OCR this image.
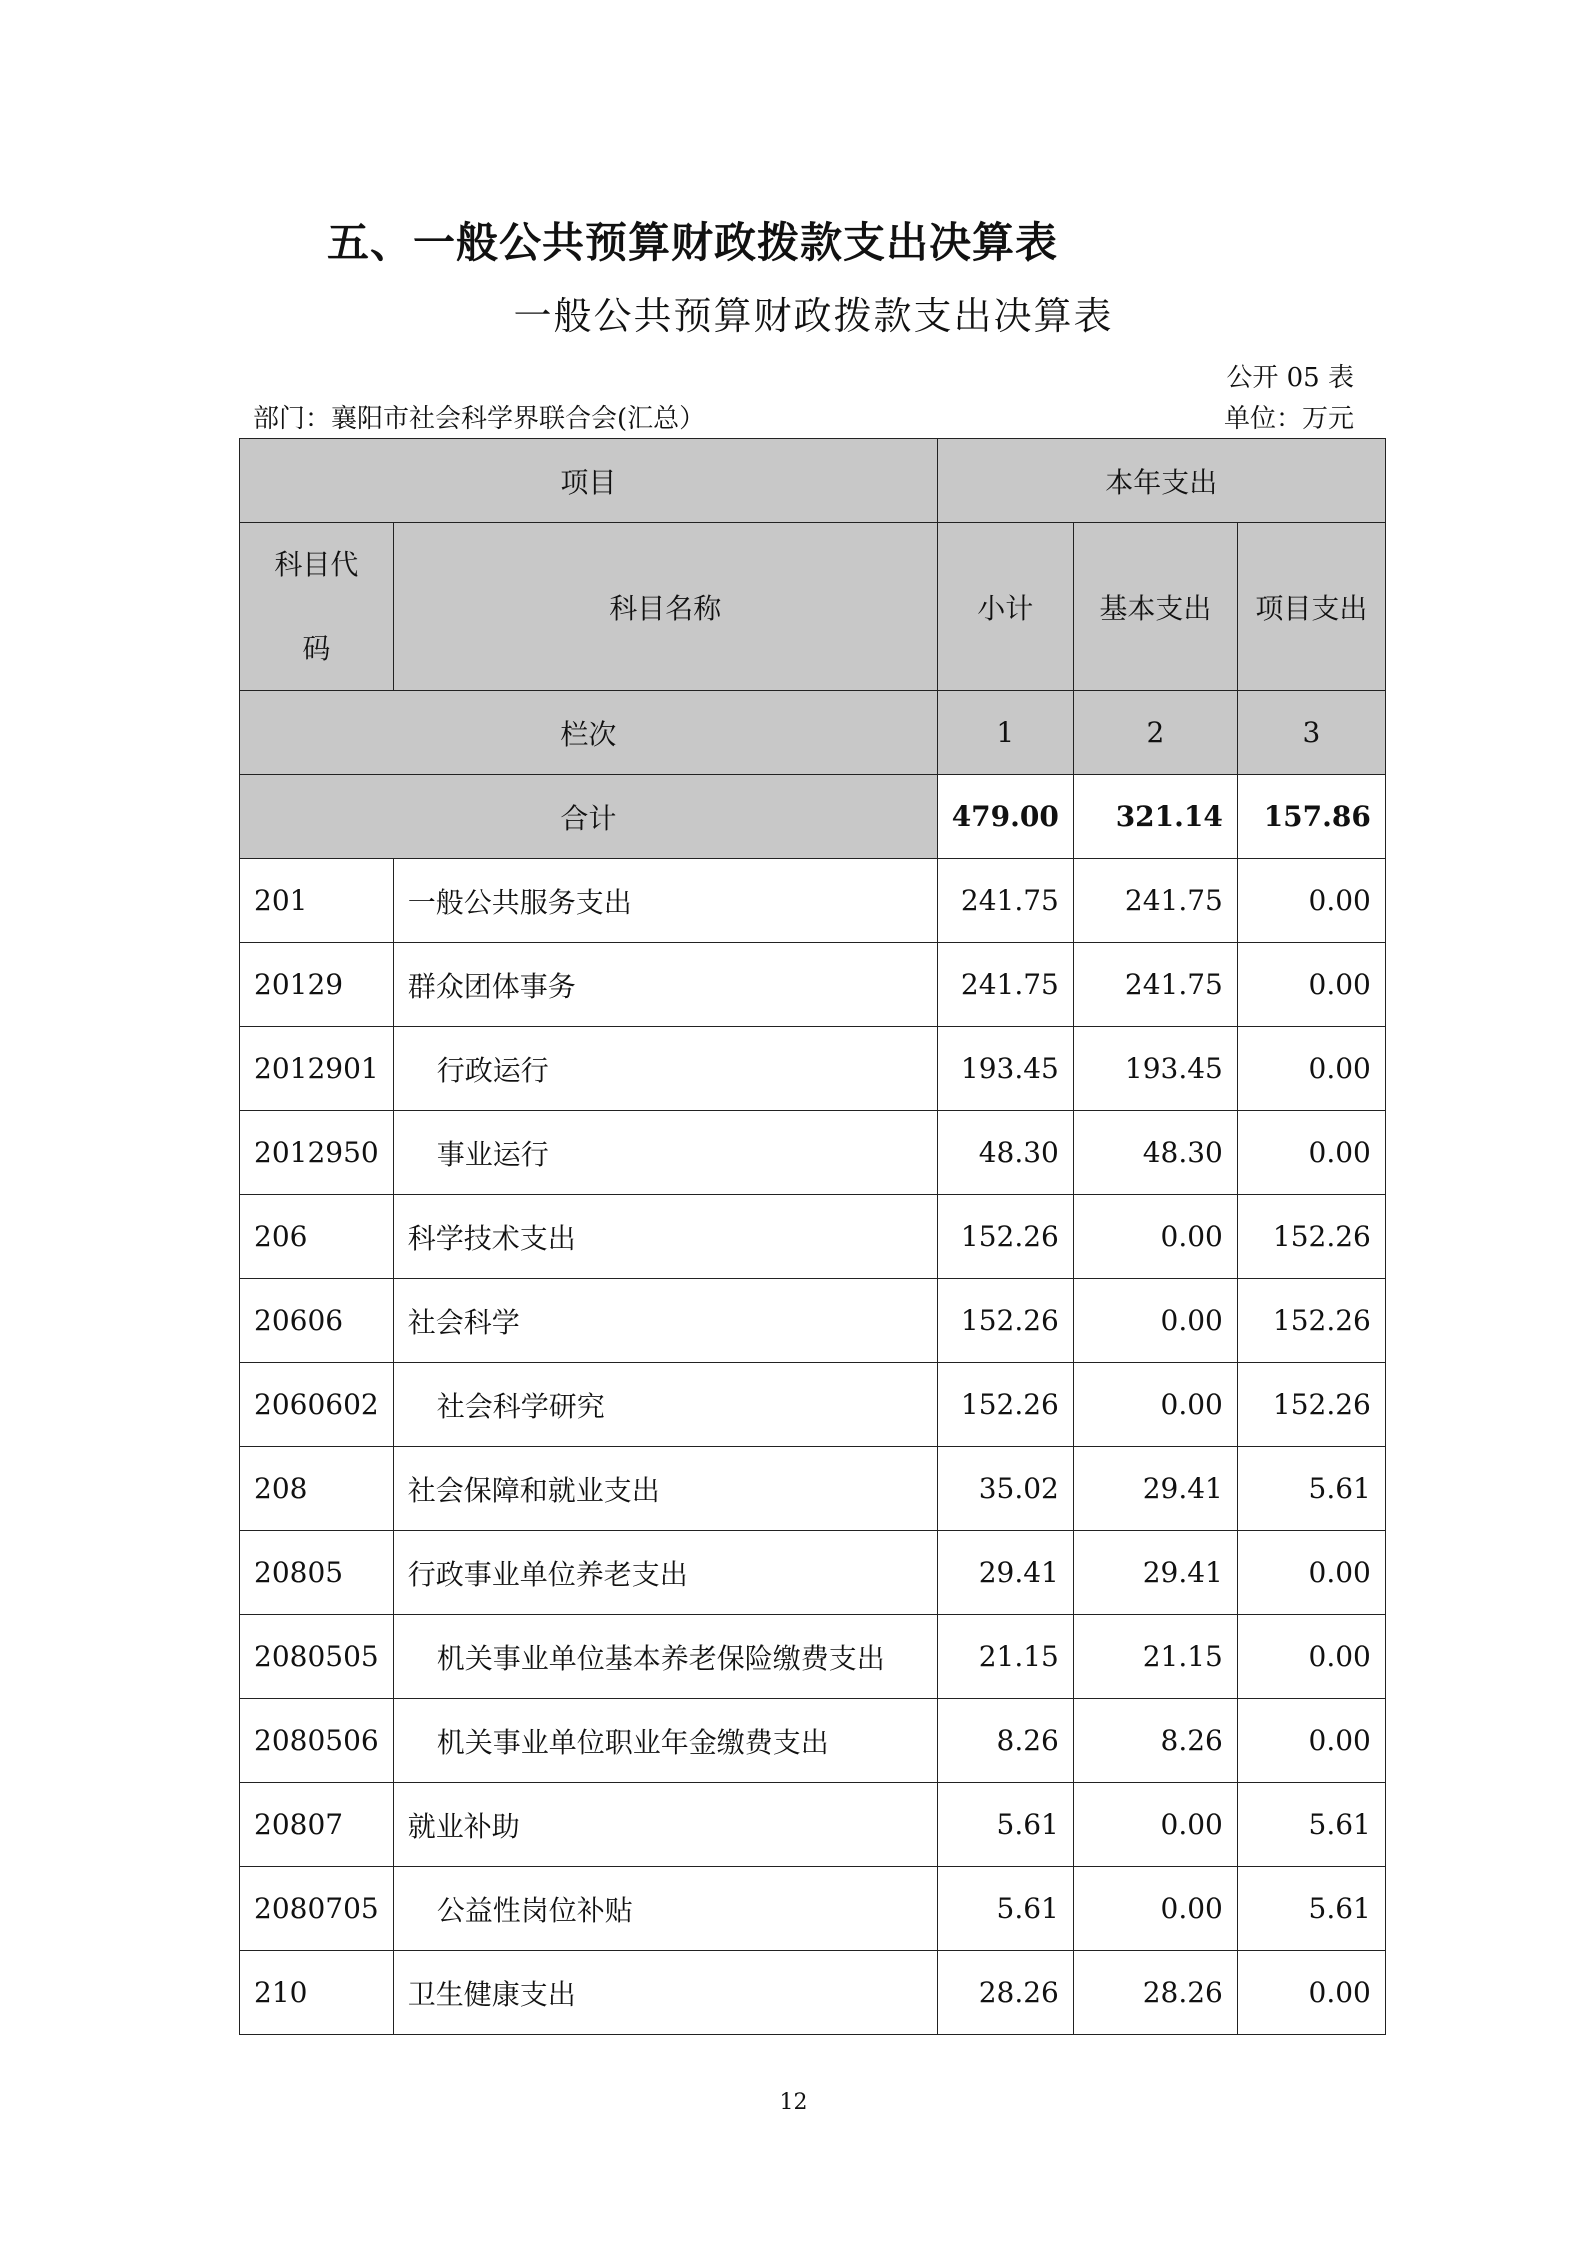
五、一般公共预算财政拨款支出决算表
一般公共预算财政拨款支出决算表
公开 05 表
部门：襄阳市社会科学界联合会(汇总）	单位：万元
项目		本年支出		

科目代
码	科目名称	小计	基本支出	项目支出
栏次		1	2	3
合计		479.00	321.14	157.86
201	一般公共服务支出	241.75	241.75	0.00
20129	群众团体事务	241.75	241.75	0.00
2012901	行政运行	193.45	193.45	0.00
2012950	事业运行	48.30	48.30	0.00
206	科学技术支出	152.26	0.00	152.26
20606	社会科学	152.26	0.00	152.26
2060602	社会科学研究	152.26	0.00	152.26
208	社会保障和就业支出	35.02	29.41	5.61
20805	行政事业单位养老支出	29.41	29.41	0.00
2080505	机关事业单位基本养老保险缴费支出	21.15	21.15	0.00
2080506	机关事业单位职业年金缴费支出	8.26	8.26	0.00
20807	就业补助	5.61	0.00	5.61
2080705	公益性岗位补贴	5.61	0.00	5.61
210	卫生健康支出	28.26	28.26	0.00
12
